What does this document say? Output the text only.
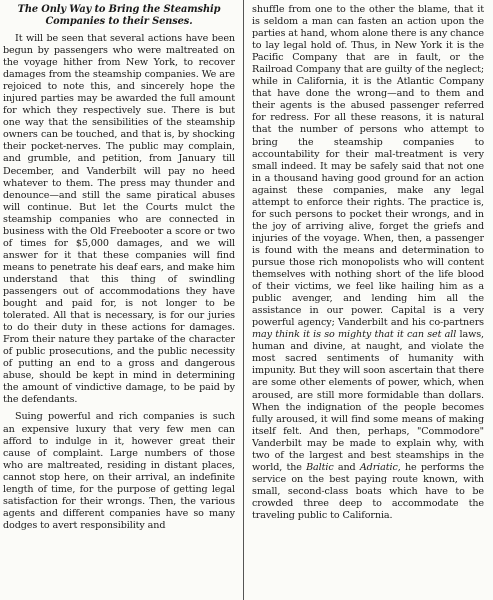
The Only Way to Bring the Steamship Companies to their Senses.

It will be seen that several actions have been begun by passengers who were maltreated on the voyage hither from New York, to recover damages from the steamship companies. We are rejoiced to note this, and sincerely hope the injured parties may be awarded the full amount for which they respectively sue. There is but one way that the sensibilities of the steamship owners can be touched, and that is, by shocking their pocket-nerves. The public may complain, and grumble, and petition, from January till December, and Vanderbilt will pay no heed whatever to them. The press may thunder and denounce—and still the same piratical abuses will continue. But let the Courts mulct the steamship companies who are connected in business with the Old Freebooter a score or two of times for $5,000 damages, and we will answer for it that these companies will find means to penetrate his deaf ears, and make him understand that this thing of swindling passengers out of accommodations they have bought and paid for, is not longer to be tolerated. All that is necessary, is for our juries to do their duty in these actions for damages. From their nature they partake of the character of public prosecutions, and the public necessity of putting an end to a gross and dangerous abuse, should be kept in mind in determining the amount of vindictive damage, to be paid by the defendants.

Suing powerful and rich companies is such an expensive luxury that very few men can afford to indulge in it, however great their cause of complaint. Large numbers of those who are maltreated, residing in distant places, cannot stop here, on their arrival, an indefinite length of time, for the purpose of getting legal satisfaction for their wrongs. Then, the various agents and different companies have so many dodges to avert responsibility and

shuffle from one to the other the blame, that it is seldom a man can fasten an action upon the parties at hand, whom alone there is any chance to lay legal hold of. Thus, in New York it is the Pacific Company that are in fault, or the Railroad Company that are guilty of the neglect; while in California, it is the Atlantic Company that have done the wrong—and to them and their agents is the abused passenger referred for redress. For all these reasons, it is natural that the number of persons who attempt to bring the steamship companies to accountability for their mal-treatment is very small indeed. It may be safely said that not one in a thousand having good ground for an action against these companies, make any legal attempt to enforce their rights. The practice is, for such persons to pocket their wrongs, and in the joy of arriving alive, forget the griefs and injuries of the voyage. When, then, a passenger is found with the means and determination to pursue those rich monopolists who will content themselves with nothing short of the life blood of their victims, we feel like hailing him as a public avenger, and lending him all the assistance in our power. Capital is a very powerful agency; Vanderbilt and his co-partners may think it is so mighty that it can set all laws, human and divine, at naught, and violate the most sacred sentiments of humanity with impunity. But they will soon ascertain that there are some other elements of power, which, when aroused, are still more formidable than dollars. When the indignation of the people becomes fully aroused, it will find some means of making itself felt. And then, perhaps, "Commodore" Vanderbilt may be made to explain why, with two of the largest and best steamships in the world, the Baltic and Adriatic, he performs the service on the best paying route known, with small, second-class boats which have to be crowded three deep to accommodate the traveling public to California.
